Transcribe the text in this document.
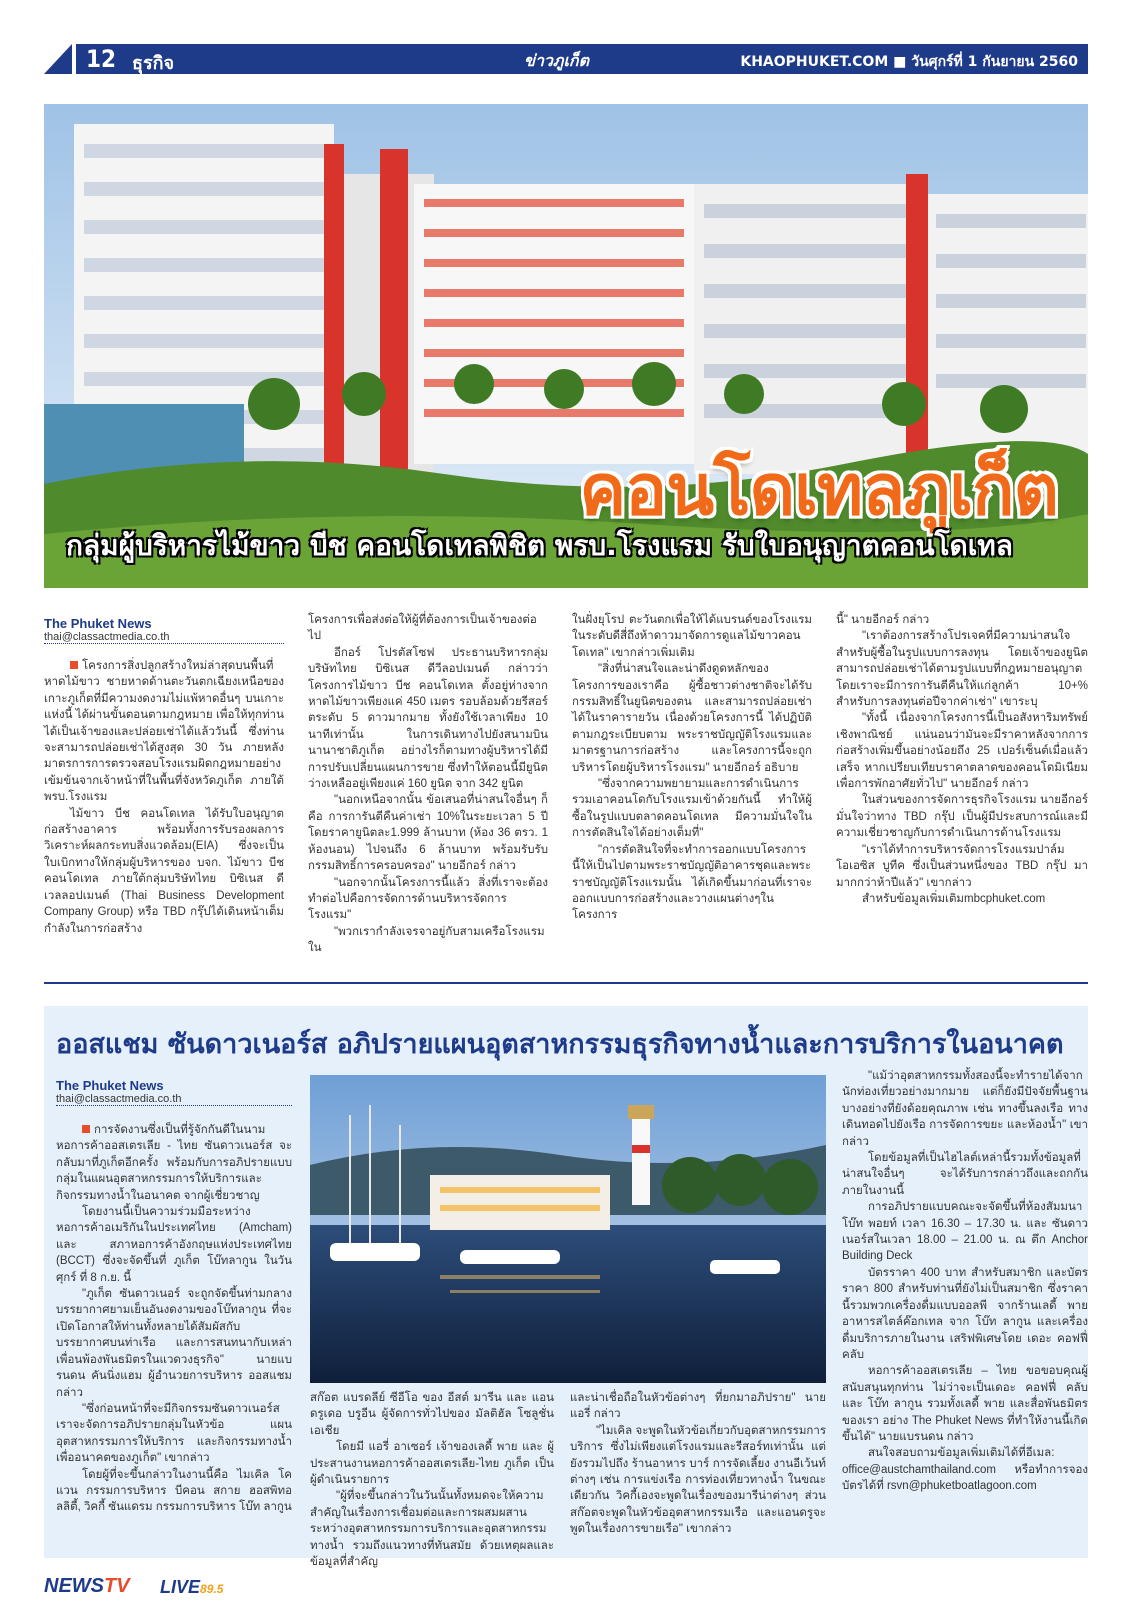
12 ธุรกิจ	ข่าวภูเก็ต	KHAOPHUKET.COM ■ วันศุกร์ที่ 1 กันยายน 2560
คอนโดเทลภูเก็ต
กลุ่มผู้บริหารไม้ขาว บีช คอนโดเทลพิชิต พรบ.โรงแรม รับใบอนุญาตคอนโดเทล
The Phuket News
thai@classactmedia.co.th

โครงการสิ่งปลูกสร้างใหม่ล่าสุดบนพื้นที่หาดไม้ขาว ชายหาดด้านตะวันตกเฉียงเหนือของเกาะภูเก็ตที่มีความงดงามไม่แพ้หาดอื่นๆ บนเกาะแห่งนี้ ได้ผ่านขั้นตอนตามกฎหมาย เพื่อให้ทุกท่านได้เป็นเจ้าของและปล่อยเช่าได้แล้ววันนี้ ซึ่งท่านจะสามารถปล่อยเช่าได้สูงสุด 30 วัน ภายหลังมาตรการการตรวจสอบโรงแรมผิดกฎหมายอย่างเข้มข้นจากเจ้าหน้าที่ในพื้นที่จังหวัดภูเก็ต ภายใต้ พรบ.โรงแรม

ไม้ขาว บีช คอนโดเทล ได้รับใบอนุญาตก่อสร้างอาคาร พร้อมทั้งการรับรองผลการวิเคราะห์ผลกระทบสิ่งแวดล้อม(EIA) ซึ่งจะเป็นใบเบิกทางให้กลุ่มผู้บริหารของ บจก. ไม้ขาว บีช คอนโดเทล ภายใต้กลุ่มบริษัทไทย บิซิเนส ดีเวลลอปเมนต์ (Thai Business Development Company Group) หรือ TBD กรุ๊ปได้เดินหน้าเต็มกำลังในการก่อสร้าง

โครงการเพื่อส่งต่อให้ผู้ที่ต้องการเป็นเจ้าของต่อไป

อีกอร์ โปรตัสโซฟ ประธานบริหารกลุ่มบริษัทไทย บิซิเนส ดีวีลอปเมนต์ กล่าวว่า โครงการไม้ขาว บีช คอนโดเทล ตั้งอยู่ห่างจากหาดไม้ขาวเพียงแค่ 450 เมตร รอบล้อมด้วยรีสอร์ตระดับ 5 ดาวมากมาย ทั้งยังใช้เวลาเพียง 10 นาทีเท่านั้น ในการเดินทางไปยังสนามบินนานาชาติภูเก็ต อย่างไรก็ตามทางผู้บริหารได้มีการปรับเปลี่ยนแผนการขาย ซึ่งทำให้ตอนนี้มียูนิตว่างเหลืออยู่เพียงแค่ 160 ยูนิต จาก 342 ยูนิต

"นอกเหนือจากนั้น ข้อเสนอที่น่าสนใจอื่นๆ ก็คือ การการันตีคืนค่าเช่า 10%ในระยะเวลา 5 ปี โดยราคายูนิตละ1.999 ล้านบาท (ห้อง 36 ตรว. 1 ห้องนอน) ไปจนถึง 6 ล้านบาท พร้อมรับรับกรรมสิทธิ์การครอบครอง" นายอีกอร์ กล่าว

"นอกจากนั้นโครงการนี้แล้ว สิ่งที่เราจะต้องทำต่อไปคือการจัดการด้านบริหารจัดการโรงแรม"

"พวกเรากำลังเจรจาอยู่กับสามเครือโรงแรมใน

ในฝั่งยุโรป ตะวันตกเพื่อให้ได้แบรนด์ของโรงแรมในระดับดีสี่ถึงห้าดาวมาจัดการดูแลไม้ขาวคอนโดเทล" เขากล่าวเพิ่มเติม

"สิ่งที่น่าสนใจและน่าดึงดูดหลักของโครงการของเราคือ ผู้ซื้อชาวต่างชาติจะได้รับกรรมสิทธิ์ในยูนิตของตน และสามารถปล่อยเช่าได้ในราคารายวัน เนื่องด้วยโครงการนี้ ได้ปฏิบัติตามกฎระเบียบตาม พระราชบัญญัติโรงแรมและมาตรฐานการก่อสร้าง และโครงการนี้จะถูกบริหารโดยผู้บริหารโรงแรม" นายอีกอร์ อธิบาย

"ซึ่งจากความพยายามและการดำเนินการรวมเอาคอนโดกับโรงแรมเข้าด้วยกันนี้ ทำให้ผู้ซื้อในรูปแบบตลาดคอนโดเทล มีความมั่นใจในการตัดสินใจได้อย่างเต็มที่"

"การตัดสินใจที่จะทำการออกแบบโครงการนี้ให้เป็นไปตามพระราชบัญญัติอาคารชุดและพระราชบัญญัติโรงแรมนั้น ได้เกิดขึ้นมาก่อนที่เราจะออกแบบการก่อสร้างและวางแผนต่างๆในโครงการ

นี้" นายอีกอร์ กล่าว

"เราต้องการสร้างโปรเจคที่มีความน่าสนใจสำหรับผู้ซื้อในรูปแบบการลงทุน โดยเจ้าของยูนิตสามารถปล่อยเช่าได้ตามรูปแบบที่กฎหมายอนุญาต โดยเราจะมีการการันตีคืนให้แก่ลูกค้า 10+% สำหรับการลงทุนต่อปีจากค่าเช่า" เขาระบุ

"ทั้งนี้ เนื่องจากโครงการนี้เป็นอสังหาริมทรัพย์เชิงพาณิชย์ แน่นอนว่ามันจะมีราคาหลังจากการก่อสร้างเพิ่มขึ้นอย่างน้อยถึง 25 เปอร์เซ็นต์เมื่อแล้วเสร็จ หากเปรียบเทียบราคาตลาดของคอนโดมิเนียมเพื่อการพักอาศัยทั่วไป" นายอีกอร์ กล่าว

ในส่วนของการจัดการธุรกิจโรงแรม นายอีกอร์มั่นใจว่าทาง TBD กรุ๊ป เป็นผู้มีประสบการณ์และมีความเชี่ยวชาญกับการดำเนินการด้านโรงแรม

"เราได้ทำการบริหารจัดการโรงแรมปาล์ม โอเอซิส บูทีค ซึ่งเป็นส่วนหนึ่งของ TBD กรุ๊ป มามากกว่าห้าปีแล้ว" เขากล่าว

สำหรับข้อมูลเพิ่มเติมmbcphuket.com

ออสแชม ซันดาวเนอร์ส อภิปรายแผนอุตสาหกรรมธุรกิจทางน้ำและการบริการในอนาคต
The Phuket News
thai@classactmedia.co.th

การจัดงานซึ่งเป็นที่รู้จักกันดีในนามหอการค้าออสเตรเลีย - ไทย ซันดาวเนอร์ส จะกลับมาที่ภูเก็ตอีกครั้ง พร้อมกับการอภิปรายแบบกลุ่มในแผนอุตสาหกรรมการให้บริการและกิจกรรมทางน้ำในอนาคต จากผู้เชี่ยวชาญ

โดยงานนี้เป็นความร่วมมือระหว่างหอการค้าอเมริกันในประเทศไทย (Amcham) และ สภาหอการค้าอังกฤษแห่งประเทศไทย (BCCT) ซึ่งจะจัดขึ้นที่ ภูเก็ต โบ๊ทลากูน ในวันศุกร์ ที่ 8 ก.ย. นี้

"ภูเก็ต ซันดาวเนอร์ จะถูกจัดขึ้นท่ามกลางบรรยากาศยามเย็นอันงดงามของโบ๊ทลากูน ที่จะเปิดโอกาสให้ท่านทั้งหลายได้สัมผัสกับบรรยากาศบนท่าเรือ และการสนทนากับเหล่าเพื่อนพ้องพันธมิตรในแวดวงธุรกิจ" นายแบรนดน คันนิ่งแฮม ผู้อำนวยการบริหาร ออสแชม กล่าว

"ซึ่งก่อนหน้าที่จะมีกิจกรรมซันดาวเนอร์ส เราจะจัดการอภิปรายกลุ่มในหัวข้อ แผนอุตสาหกรรมการให้บริการ และกิจกรรมทางน้ำเพื่ออนาคตของภูเก็ต" เขากล่าว

โดยผู้ที่จะขึ้นกล่าวในงานนี้คือ ไมเคิล โคแวน กรรมการบริหาร บีคอน สกาย ฮอสพิทอลลิตี้, วิคกี้ ซันแดรม กรรมการบริหาร โบ๊ท ลากูน

สก๊อต แบรดลีย์ ซีอีโอ ของ อีสต์ มารีน และ แอนดรูเดอ บรูอีน ผู้จัดการทั่วไปของ มัลติฮัล โซลูชั่น เอเชีย

โดยมี แอรี่ อาเซอร์ เจ้าของเลดี้ พาย และ ผู้ประสานงานหอการค้าออสเตรเลีย-ไทย ภูเก็ต เป็นผู้ดำเนินรายการ

"ผู้ที่จะขึ้นกล่าวในวันนั้นทั้งหมดจะให้ความสำคัญในเรื่องการเชื่อมต่อและการผสมผสานระหว่างอุตสาหกรรมการบริการและอุตสาหกรรมทางน้ำ รวมถึงแนวทางที่ทันสมัย ด้วยเหตุผลและข้อมูลที่สำคัญ

และน่าเชื่อถือในหัวข้อต่างๆ ที่ยกมาอภิปราย" นายแอรี่ กล่าว

"ไมเคิล จะพูดในหัวข้อเกี่ยวกับอุตสาหกรรมการบริการ ซึ่งไม่เพียงแต่โรงแรมและรีสอร์ทเท่านั้น แต่ยังรวมไปถึง ร้านอาหาร บาร์ การจัดเลี้ยง งานอีเว้นท์ต่างๆ เช่น การแข่งเรือ การท่องเที่ยวทางน้ำ ในขณะเดียวกัน วิคกี้เองจะพูดในเรื่องของมารีน่าต่างๆ ส่วนสก๊อตจะพูดในหัวข้ออุตสาหกรรมเรือ และแอนดรูจะพูดในเรื่องการขายเรือ" เขากล่าว

"แม้ว่าอุตสาหกรรมทั้งสองนี้จะทำรายได้จากนักท่องเที่ยวอย่างมากมาย แต่ก็ยังมีปัจจัยพื้นฐานบางอย่างที่ยังด้อยคุณภาพ เช่น ทางขึ้นลงเรือ ทางเดินทอดไปยังเรือ การจัดการขยะ และห้องน้ำ" เขากล่าว

โดยข้อมูลที่เป็นไฮไลต์เหล่านี้รวมทั้งข้อมูลที่น่าสนใจอื่นๆ จะได้รับการกล่าวถึงและถกกันภายในงานนี้

การอภิปรายแบบคณะจะจัดขึ้นที่ห้องสัมมนา โบ๊ท พอยท์ เวลา 16.30 – 17.30 น. และ ซันดาวเนอร์สในเวลา 18.00 – 21.00 น. ณ ตึก Anchor Building Deck

บัตรราคา 400 บาท สำหรับสมาชิก และบัตรราคา 800 สำหรับท่านที่ยังไม่เป็นสมาชิก ซึ่งราคานี้รวมพวกเครื่องดื่มแบบออลพี จากร้านเลดี้ พาย อาหารสไตล์ค๊อกเทล จาก โบ๊ท ลากูน และเครื่องดื่มบริการภายในงาน เสริฟพิเศษโดย เดอะ คอฟฟี่ คลับ

หอการค้าออสเตรเลีย – ไทย ขอขอบคุณผู้สนับสนุนทุกท่าน ไม่ว่าจะเป็นเดอะ คอฟฟี่ คลับ และ โบ๊ท ลากูน รวมทั้งเลดี้ พาย และสื่อพันธมิตรของเรา อย่าง The Phuket News ที่ทำให้งานนี้เกิดขึ้นได้" นายแบรนดน กล่าว

สนใจสอบถามข้อมูลเพิ่มเติมได้ที่อีเมล: office@austchamthailand.com หรือทำการจองบัตรได้ที่ rsvn@phuketboatlagoon.com

NEWSTV LIVE89.5
